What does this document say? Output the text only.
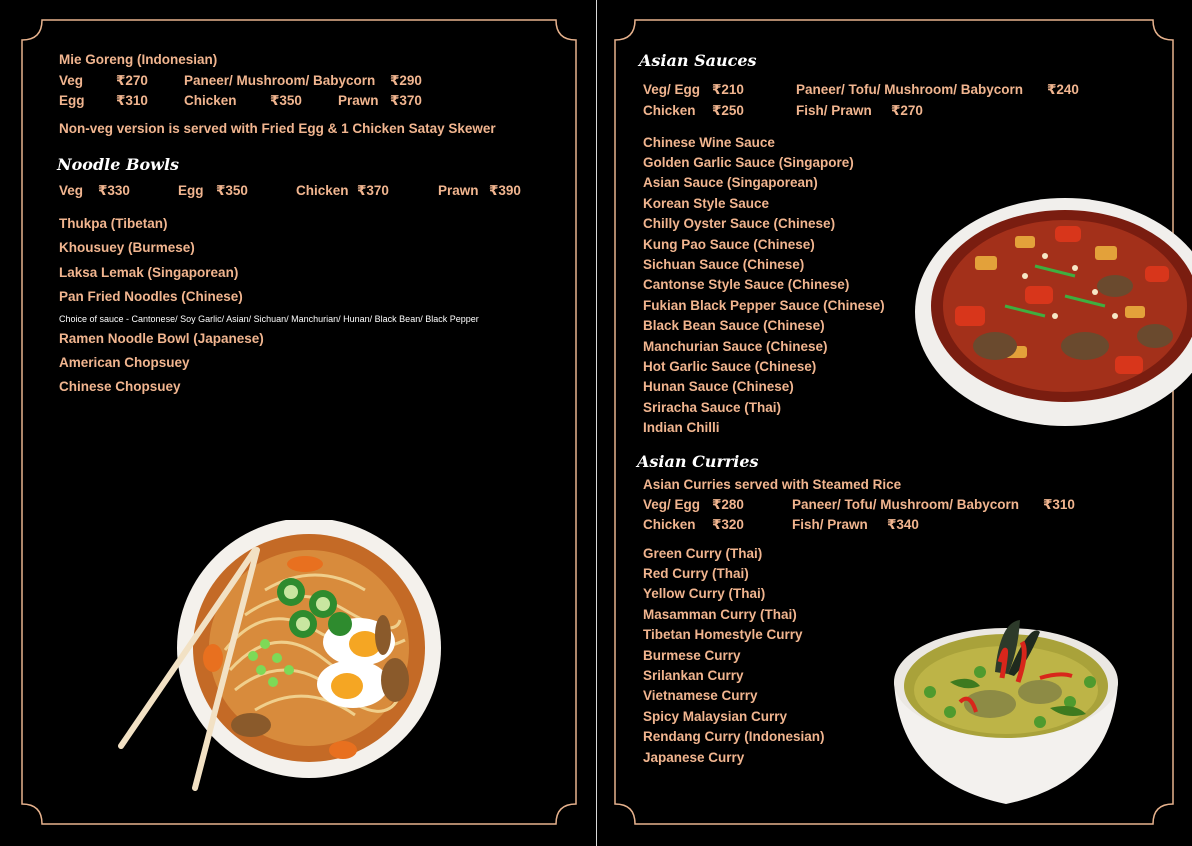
Mie Goreng (Indonesian)
Veg ₹270	Paneer/ Mushroom/ Babycorn ₹290
Egg ₹310	Chicken ₹350	Prawn ₹370
Non-veg version is served with Fried Egg & 1 Chicken Satay Skewer
Noodle Bowls
Veg ₹330	Egg ₹350	Chicken ₹370	Prawn ₹390
Thukpa (Tibetan)
Khousuey (Burmese)
Laksa Lemak (Singaporean)
Pan Fried Noodles (Chinese)
Choice of sauce - Cantonese/ Soy Garlic/ Asian/ Sichuan/ Manchurian/ Hunan/ Black Bean/ Black Pepper
Ramen Noodle Bowl (Japanese)
American Chopsuey
Chinese Chopsuey
Asian Sauces
Veg/ Egg ₹210	Paneer/ Tofu/ Mushroom/ Babycorn ₹240
Chicken ₹250	Fish/ Prawn ₹270
Chinese Wine Sauce
Golden Garlic Sauce (Singapore)
Asian Sauce (Singaporean)
Korean Style Sauce
Chilly Oyster Sauce (Chinese)
Kung Pao Sauce (Chinese)
Sichuan Sauce (Chinese)
Cantonse Style Sauce (Chinese)
Fukian Black Pepper Sauce (Chinese)
Black Bean Sauce (Chinese)
Manchurian Sauce (Chinese)
Hot Garlic Sauce (Chinese)
Hunan Sauce (Chinese)
Sriracha Sauce (Thai)
Indian Chilli
Asian Curries
Asian Curries served with Steamed Rice
Veg/ Egg ₹280	Paneer/ Tofu/ Mushroom/ Babycorn ₹310
Chicken ₹320	Fish/ Prawn ₹340
Green Curry (Thai)
Red Curry (Thai)
Yellow Curry (Thai)
Masamman Curry (Thai)
Tibetan Homestyle Curry
Burmese Curry
Srilankan Curry
Vietnamese Curry
Spicy Malaysian Curry
Rendang Curry (Indonesian)
Japanese Curry
